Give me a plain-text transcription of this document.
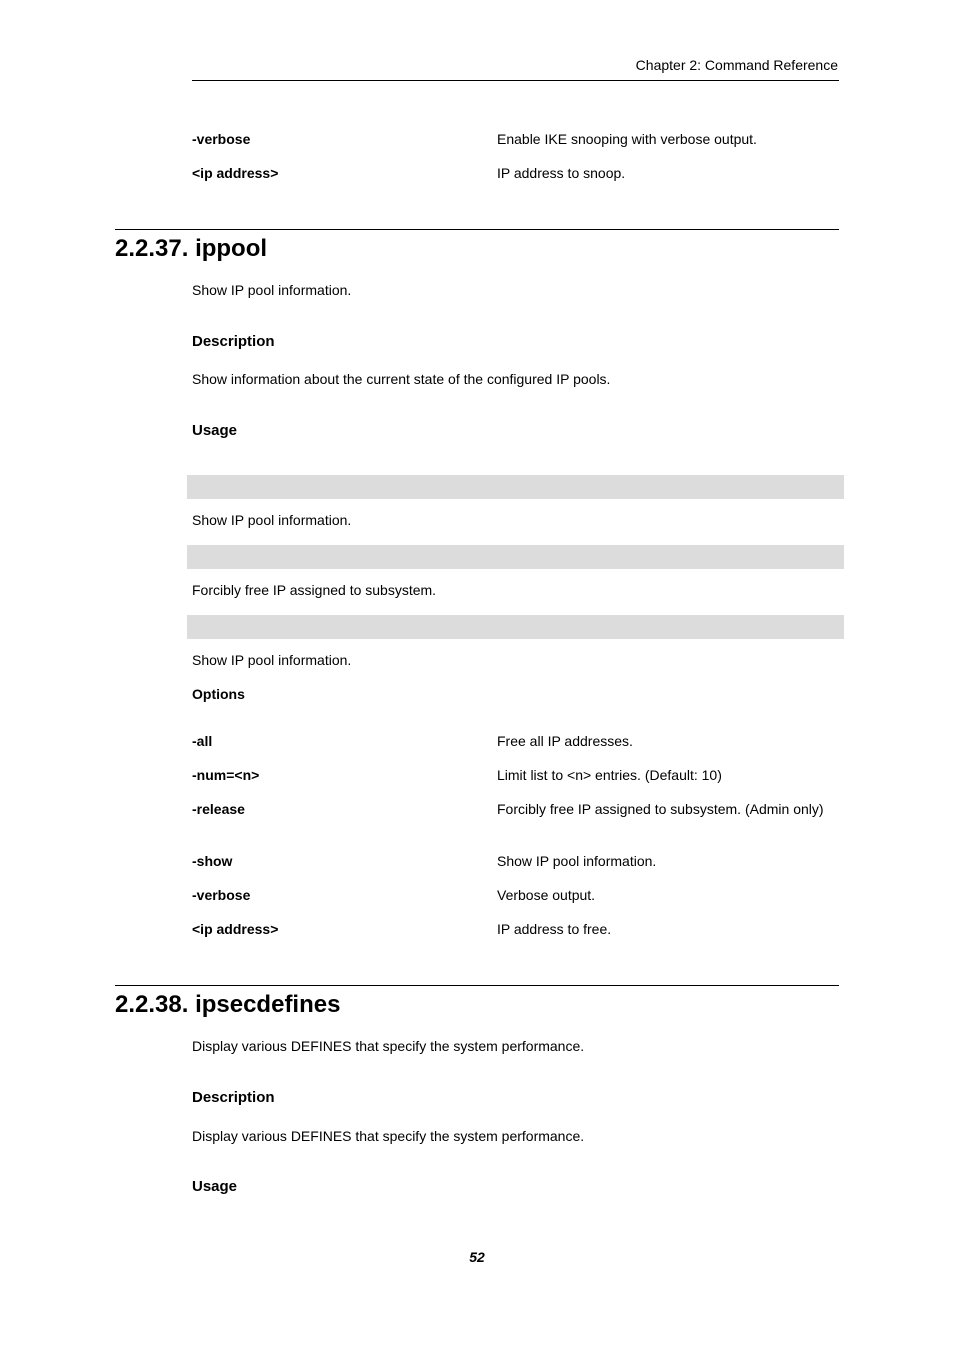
Chapter 2: Command Reference
-verbose	Enable IKE snooping with verbose output.
<ip address>	IP address to snoop.
2.2.37. ippool
Show IP pool information.
Description
Show information about the current state of the configured IP pools.
Usage
Show IP pool information.
Forcibly free IP assigned to subsystem.
Show IP pool information.
Options
-all	Free all IP addresses.
-num=<n>	Limit list to <n> entries. (Default: 10)
-release	Forcibly free IP assigned to subsystem. (Admin only)
-show	Show IP pool information.
-verbose	Verbose output.
<ip address>	IP address to free.
2.2.38. ipsecdefines
Display various DEFINES that specify the system performance.
Description
Display various DEFINES that specify the system performance.
Usage
52
